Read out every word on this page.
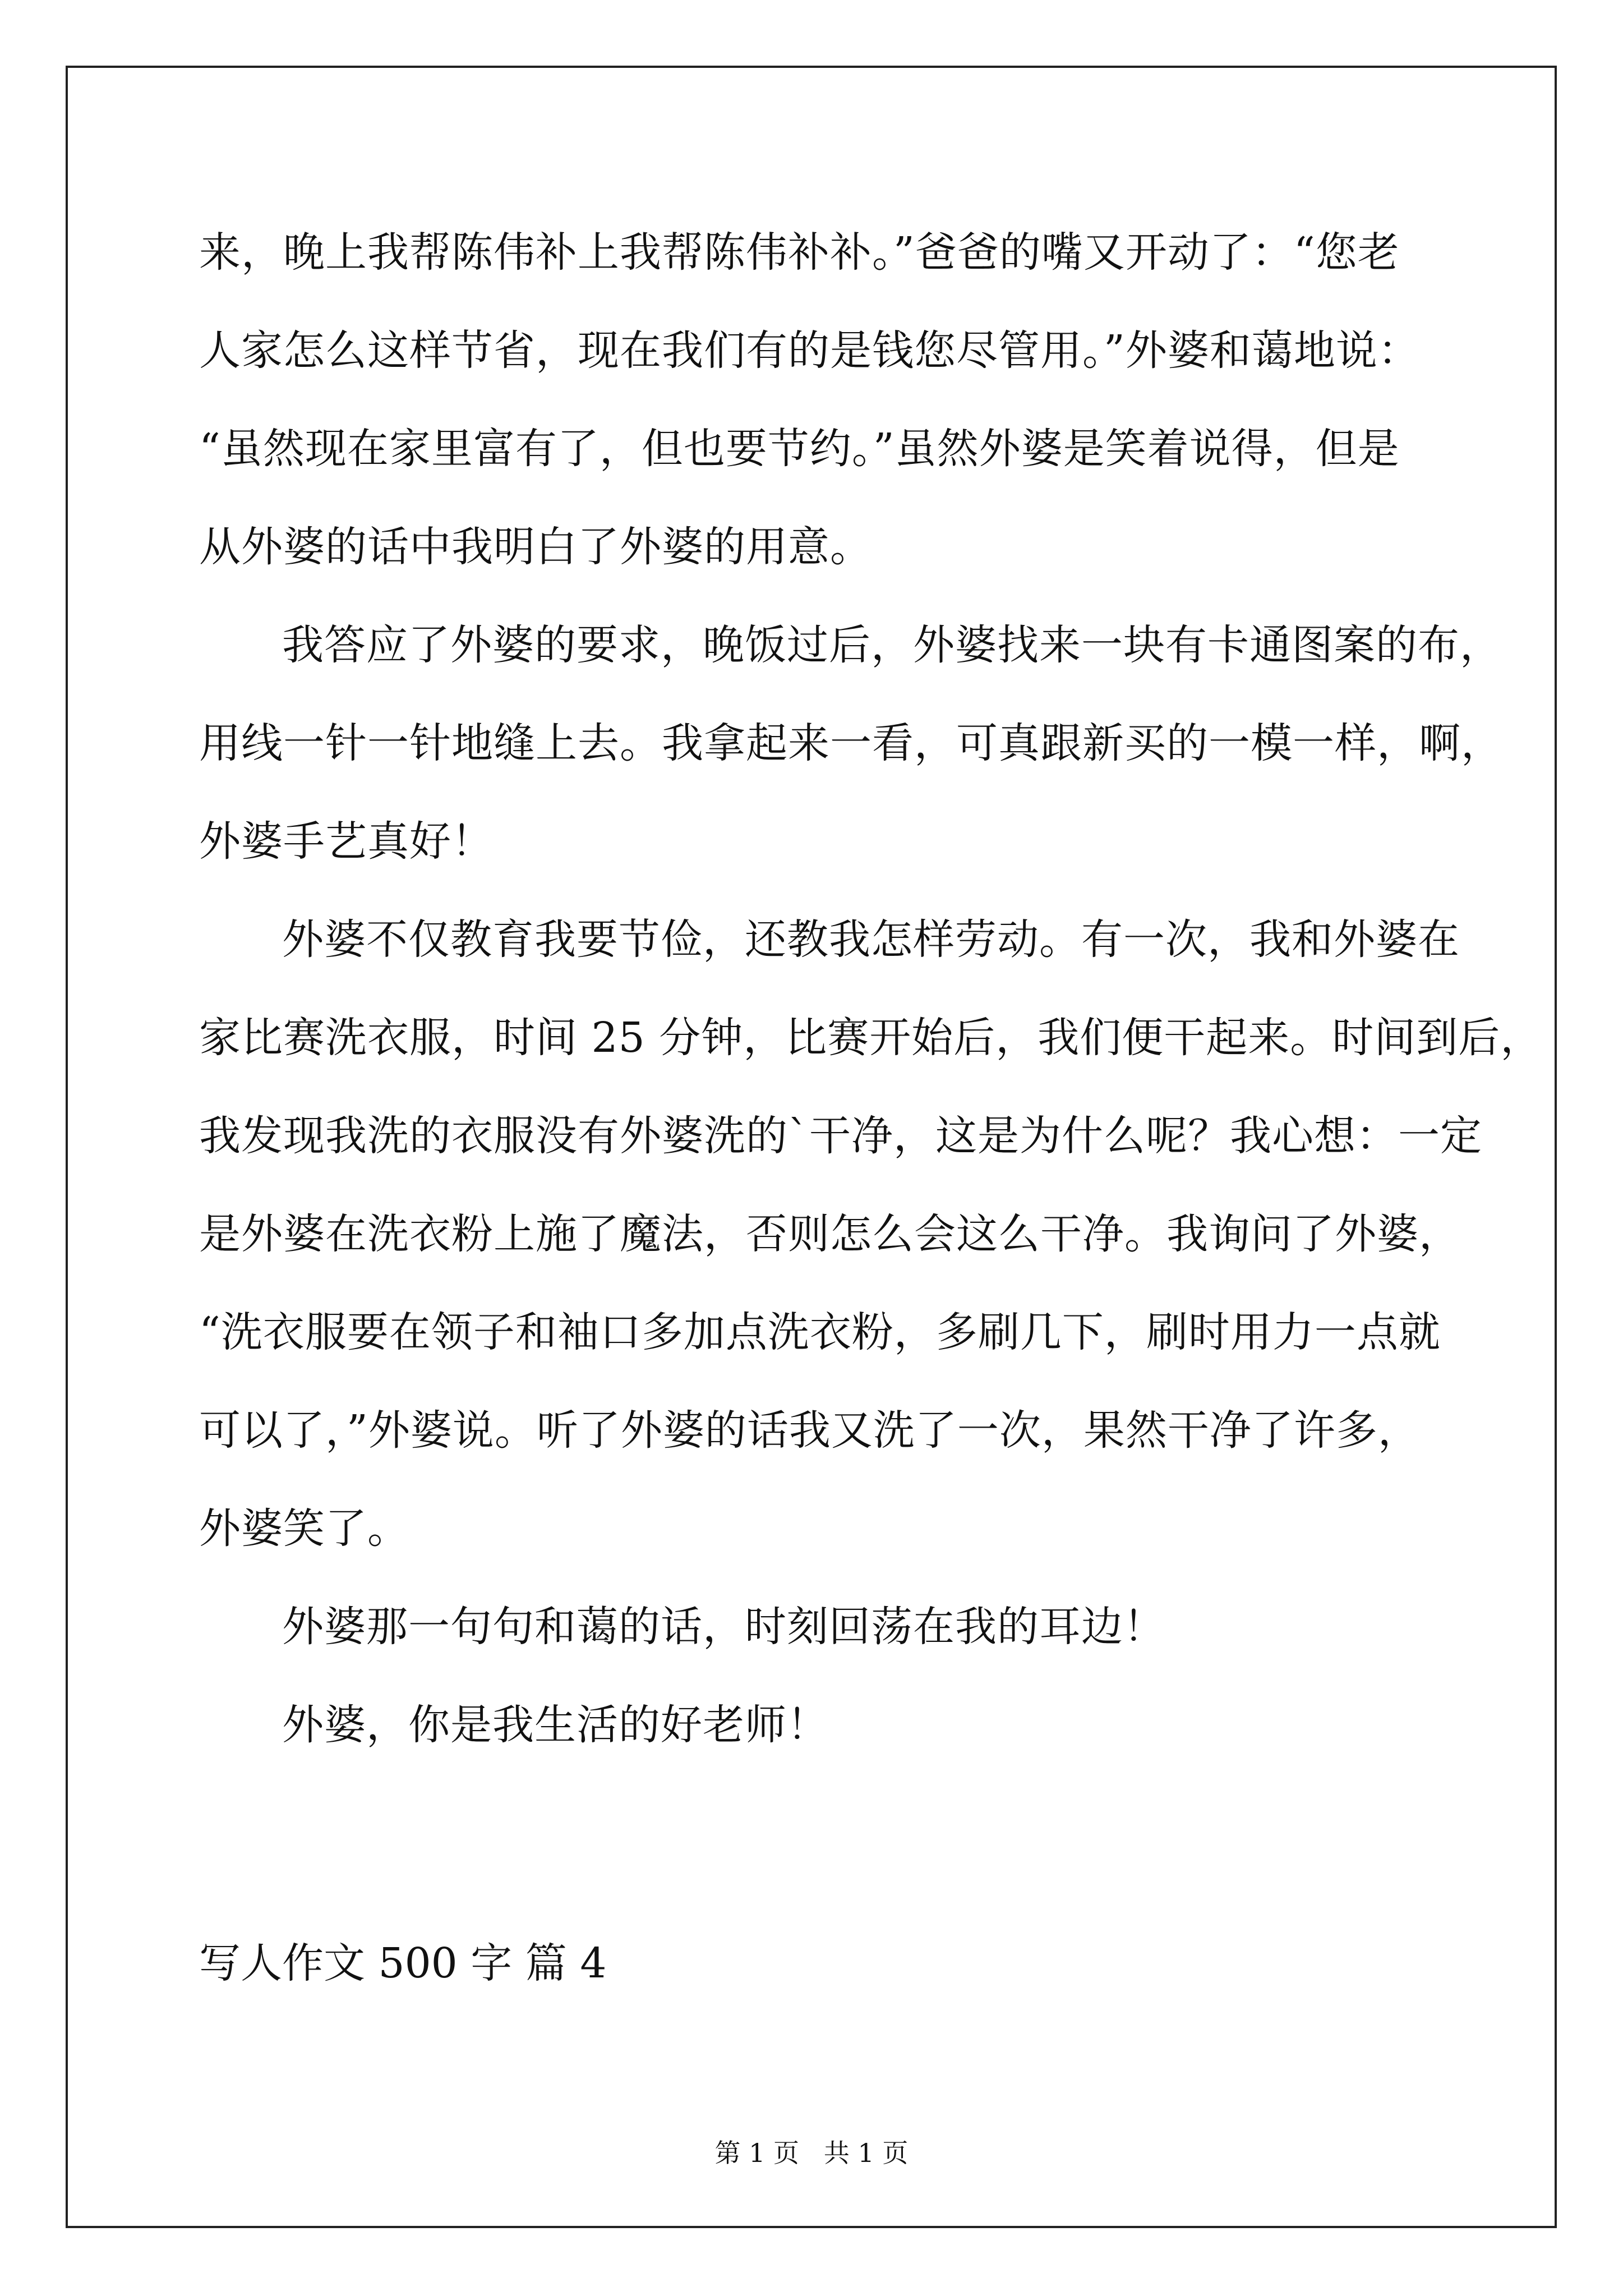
来，晚上我帮陈伟补上我帮陈伟补补。”爸爸的嘴又开动了：“您老
人家怎么这样节省，现在我们有的是钱您尽管用。”外婆和蔼地说：
“虽然现在家里富有了，但也要节约。”虽然外婆是笑着说得，但是
从外婆的话中我明白了外婆的用意。
我答应了外婆的要求，晚饭过后，外婆找来一块有卡通图案的布，
用线一针一针地缝上去。我拿起来一看，可真跟新买的一模一样，啊，
外婆手艺真好！
外婆不仅教育我要节俭，还教我怎样劳动。有一次，我和外婆在
家比赛洗衣服，时间 25 分钟，比赛开始后，我们便干起来。时间到后，
我发现我洗的衣服没有外婆洗的`干净，这是为什么呢？我心想：一定
是外婆在洗衣粉上施了魔法，否则怎么会这么干净。我询问了外婆，
“洗衣服要在领子和袖口多加点洗衣粉，多刷几下，刷时用力一点就
可以了，”外婆说。听了外婆的话我又洗了一次，果然干净了许多，
外婆笑了。
外婆那一句句和蔼的话，时刻回荡在我的耳边！
外婆，你是我生活的好老师！
写人作文 500 字 篇 4
第 1 页   共 1 页
